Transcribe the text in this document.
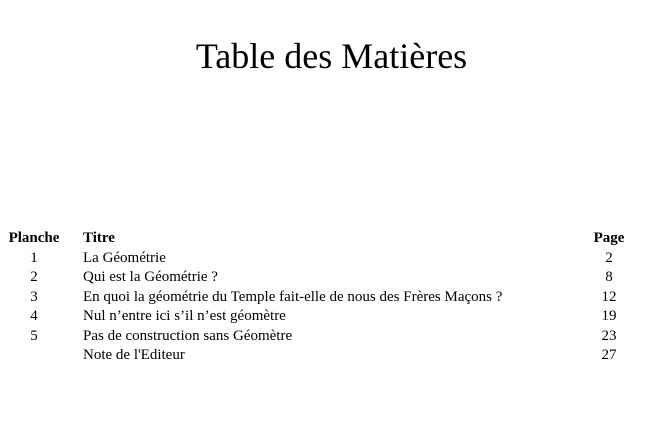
Table des Matières
Planche		Titre	Page
1		La Géométrie	2
2		Qui est la Géométrie ?	8
3		En quoi la géométrie du Temple fait-elle de nous des Frères Maçons ?	12
4		Nul n’entre ici s’il n’est géomètre	19
5		Pas de construction sans Géomètre	23
		Note de l'Editeur	27
